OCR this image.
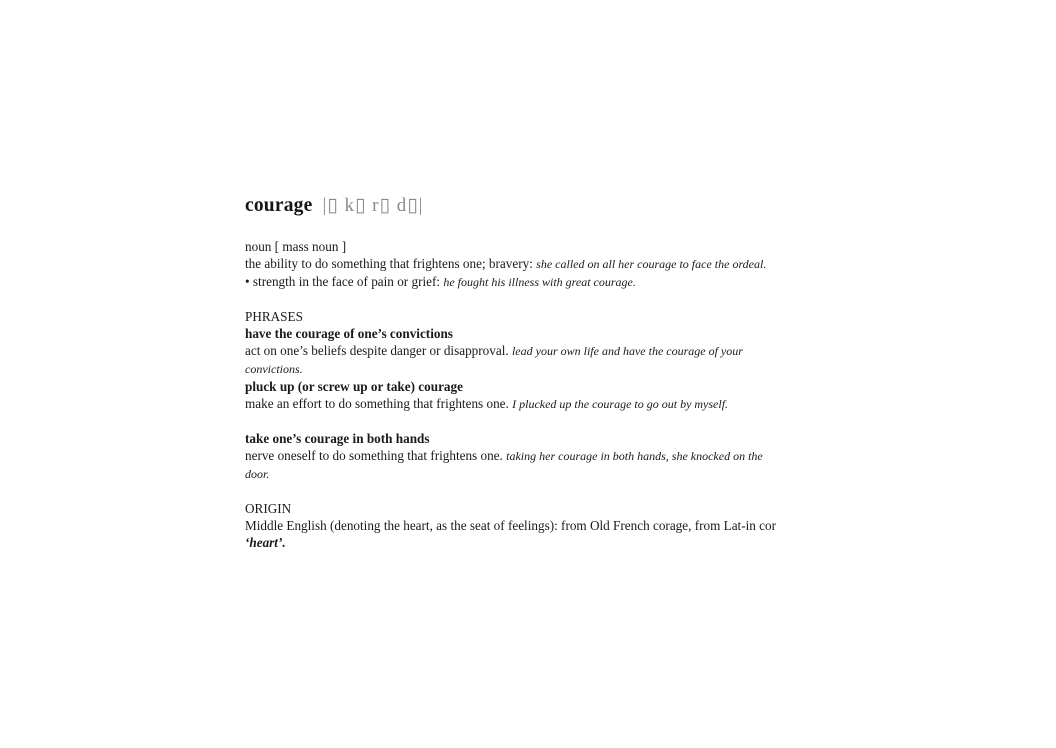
courage |▯ k▯ r▯ d▯|
noun [ mass noun ]
the ability to do something that frightens one; bravery: she called on all her courage to face the ordeal.
• strength in the face of pain or grief: he fought his illness with great courage.
PHRASES
have the courage of one’s convictions
act on one’s beliefs despite danger or disapproval. lead your own life and have the courage of your convictions.
pluck up (or screw up or take) courage
make an effort to do something that frightens one. I plucked up the courage to go out by myself.
take one’s courage in both hands
nerve oneself to do something that frightens one. taking her courage in both hands, she knocked on the door.
ORIGIN
Middle English (denoting the heart, as the seat of feelings): from Old French corage, from Lat-in cor ‘heart’.
